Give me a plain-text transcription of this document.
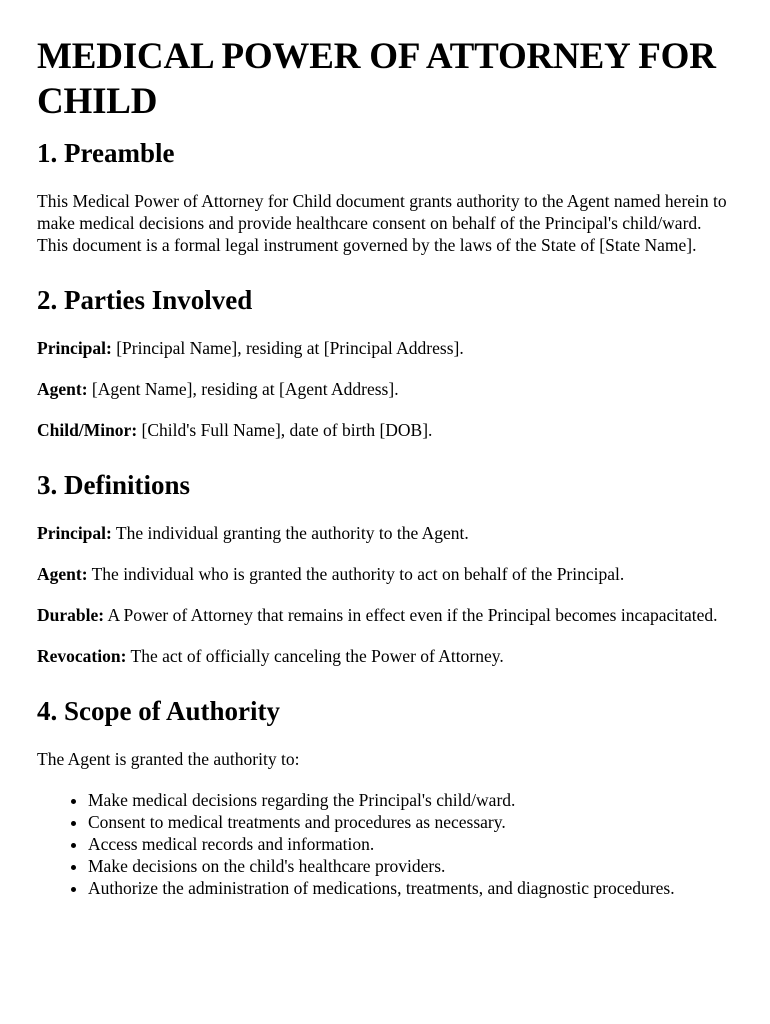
MEDICAL POWER OF ATTORNEY FOR CHILD
1. Preamble

This Medical Power of Attorney for Child document grants authority to the Agent named herein to make medical decisions and provide healthcare consent on behalf of the Principal's child/ward. This document is a formal legal instrument governed by the laws of the State of [State Name].

2. Parties Involved

Principal: [Principal Name], residing at [Principal Address].

Agent: [Agent Name], residing at [Agent Address].

Child/Minor: [Child's Full Name], date of birth [DOB].

3. Definitions

Principal: The individual granting the authority to the Agent.

Agent: The individual who is granted the authority to act on behalf of the Principal.

Durable: A Power of Attorney that remains in effect even if the Principal becomes incapacitated.

Revocation: The act of officially canceling the Power of Attorney.

4. Scope of Authority

The Agent is granted the authority to:

• Make medical decisions regarding the Principal's child/ward.
• Consent to medical treatments and procedures as necessary.
• Access medical records and information.
• Make decisions on the child's healthcare providers.
• Authorize the administration of medications, treatments, and diagnostic procedures.
